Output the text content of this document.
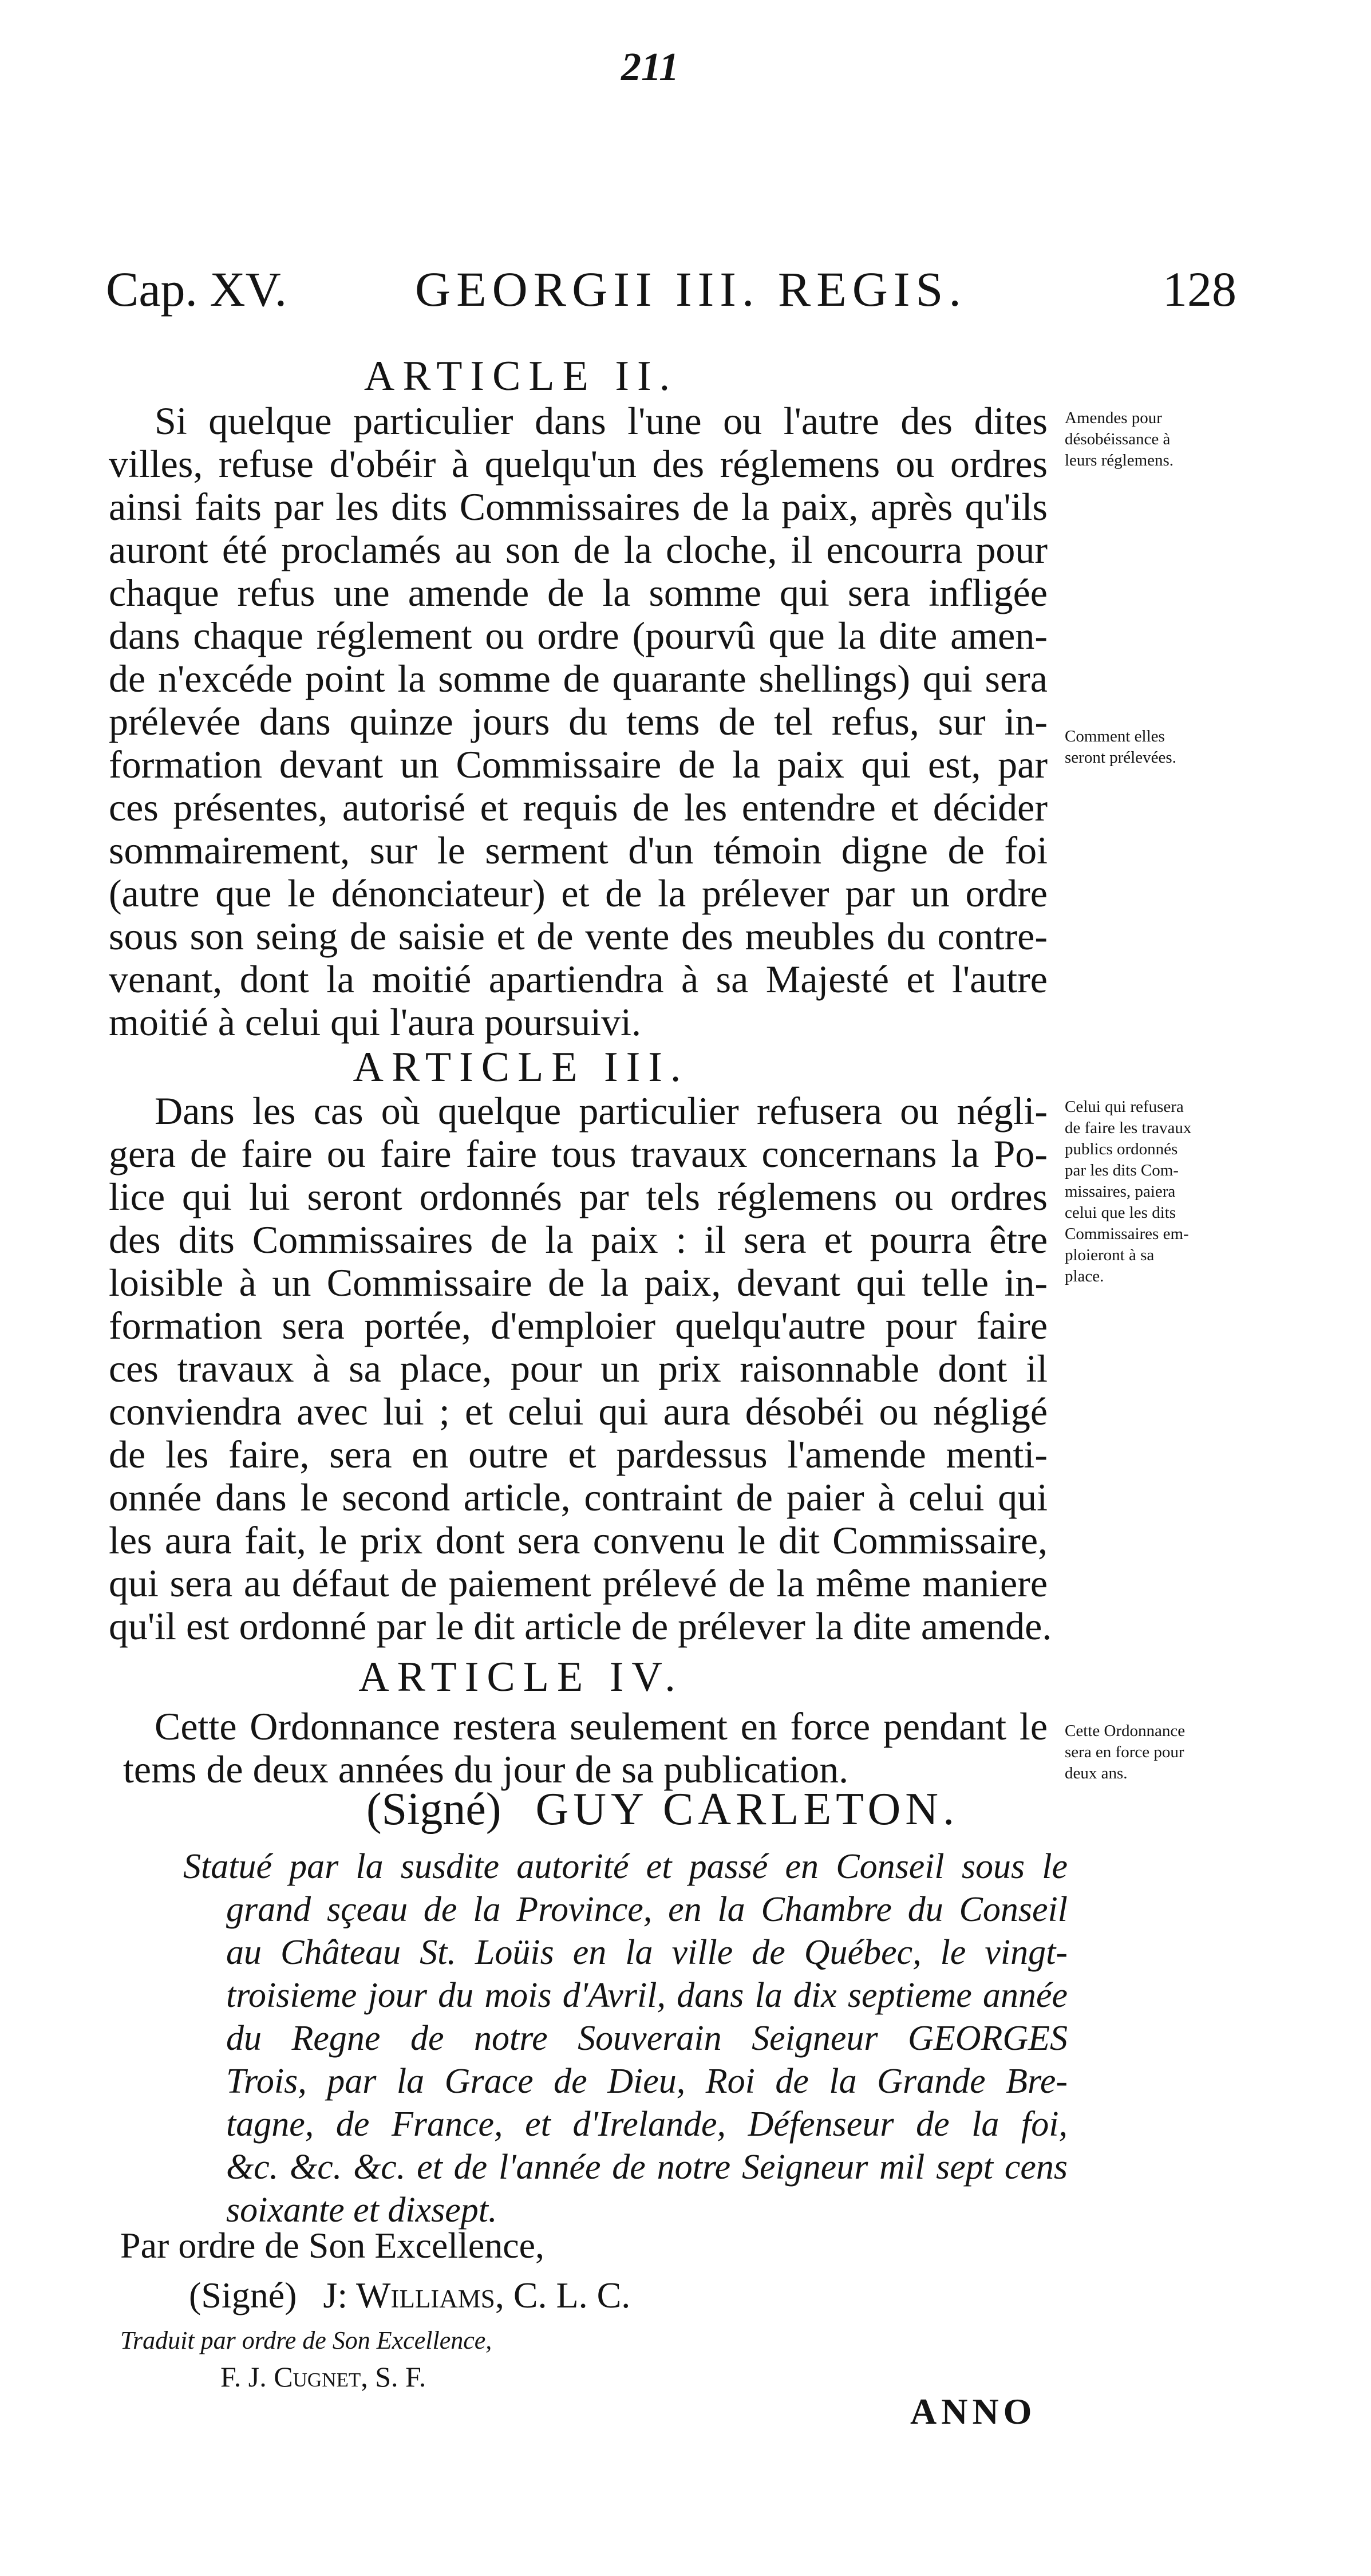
211
Cap. XV.	GEORGII III. REGIS.	128
ARTICLE II.
Si quelque particulier dans l'une ou l'autre des dites
villes, refuse d'obéir à quelqu'un des réglemens ou ordres
ainsi faits par les dits Commissaires de la paix, après qu'ils
auront été proclamés au son de la cloche, il encourra pour
chaque refus une amende de la somme qui sera infligée
dans chaque réglement ou ordre (pourvû que la dite amen-
de n'excéde point la somme de quarante shellings) qui sera
prélevée dans quinze jours du tems de tel refus, sur in-
formation devant un Commissaire de la paix qui est, par
ces présentes, autorisé et requis de les entendre et décider
sommairement, sur le serment d'un témoin digne de foi
(autre que le dénonciateur) et de la prélever par un ordre
sous son seing de saisie et de vente des meubles du contre-
venant, dont la moitié apartiendra à sa Majesté et l'autre
moitié à celui qui l'aura poursuivi.
Amendes pour
désobéissance à
leurs réglemens.
Comment elles
seront prélevées.
ARTICLE III.
Dans les cas où quelque particulier refusera ou négli-
gera de faire ou faire faire tous travaux concernans la Po-
lice qui lui seront ordonnés par tels réglemens ou ordres
des dits Commissaires de la paix : il sera et pourra être
loisible à un Commissaire de la paix, devant qui telle in-
formation sera portée, d'emploier quelqu'autre pour faire
ces travaux à sa place, pour un prix raisonnable dont il
conviendra avec lui ; et celui qui aura désobéi ou négligé
de les faire, sera en outre et pardessus l'amende menti-
onnée dans le second article, contraint de paier à celui qui
les aura fait, le prix dont sera convenu le dit Commissaire,
qui sera au défaut de paiement prélevé de la même maniere
qu'il est ordonné par le dit article de prélever la dite amende.
Celui qui refusera
de faire les travaux
publics ordonnés
par les dits Com-
missaires, paiera
celui que les dits
Commissaires em-
ploieront à sa
place.
ARTICLE IV.
Cette Ordonnance restera seulement en force pendant le
tems de deux années du jour de sa publication.
Cette Ordonnance
sera en force pour
deux ans.
(Signé) GUY CARLETON.
Statué par la susdite autorité et passé en Conseil sous le
grand sçeau de la Province, en la Chambre du Conseil
au Château St. Loüis en la ville de Québec, le vingt-
troisieme jour du mois d'Avril, dans la dix septieme année
du Regne de notre Souverain Seigneur GEORGES
Trois, par la Grace de Dieu, Roi de la Grande Bre-
tagne, de France, et d'Irelande, Défenseur de la foi,
&c. &c. &c. et de l'année de notre Seigneur mil sept cens
soixante et dixsept.
Par ordre de Son Excellence,
(Signé) J: Williams, C. L. C.
Traduit par ordre de Son Excellence,
F. J. Cugnet, S. F.
ANNO
